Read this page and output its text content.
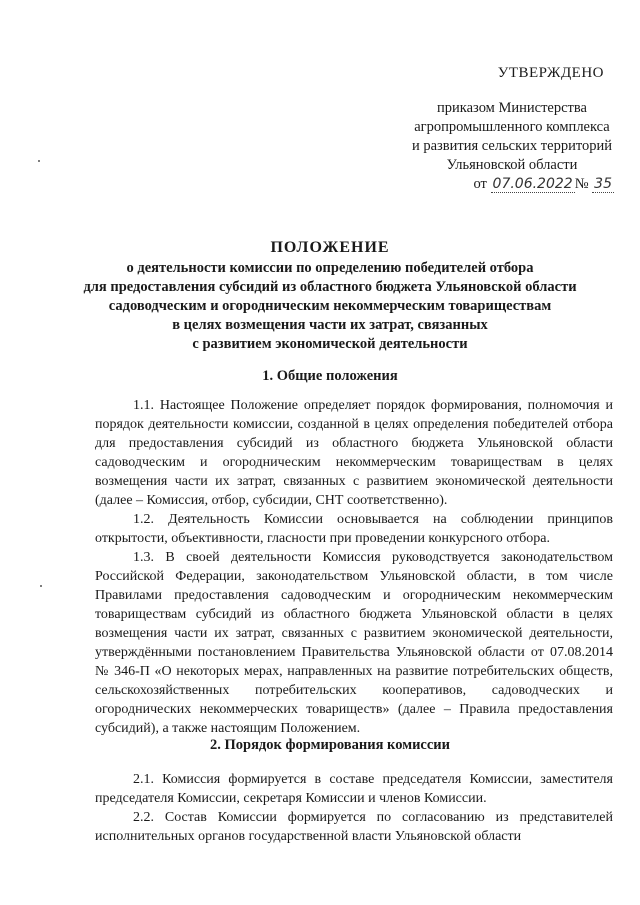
УТВЕРЖДЕНО
приказом Министерства
агропромышленного комплекса
и развития сельских территорий
Ульяновской области
от 07.06.2022 № 35
ПОЛОЖЕНИЕ
о деятельности комиссии по определению победителей отбора
для предоставления субсидий из областного бюджета Ульяновской области
садоводческим и огородническим некоммерческим товариществам
в целях возмещения части их затрат, связанных
с развитием экономической деятельности
1. Общие положения

1.1. Настоящее Положение определяет порядок формирования, полномочия и порядок деятельности комиссии, созданной в целях определения победителей отбора для предоставления субсидий из областного бюджета Ульяновской области садоводческим и огородническим некоммерческим товариществам в целях возмещения части их затрат, связанных с развитием экономической деятельности (далее – Комиссия, отбор, субсидии, СНТ соответственно).

1.2. Деятельность Комиссии основывается на соблюдении принципов открытости, объективности, гласности при проведении конкурсного отбора.

1.3. В своей деятельности Комиссия руководствуется законодательством Российской Федерации, законодательством Ульяновской области, в том числе Правилами предоставления садоводческим и огородническим некоммерческим товариществам субсидий из областного бюджета Ульяновской области в целях возмещения части их затрат, связанных с развитием экономической деятельности, утверждёнными постановлением Правительства Ульяновской области от 07.08.2014 № 346-П «О некоторых мерах, направленных на развитие потребительских обществ, сельскохозяйственных потребительских кооперативов, садоводческих и огороднических некоммерческих товариществ» (далее – Правила предоставления субсидий), а также настоящим Положением.

2. Порядок формирования комиссии

2.1. Комиссия формируется в составе председателя Комиссии, заместителя председателя Комиссии, секретаря Комиссии и членов Комиссии.

2.2. Состав Комиссии формируется по согласованию из представителей исполнительных органов государственной власти Ульяновской области
